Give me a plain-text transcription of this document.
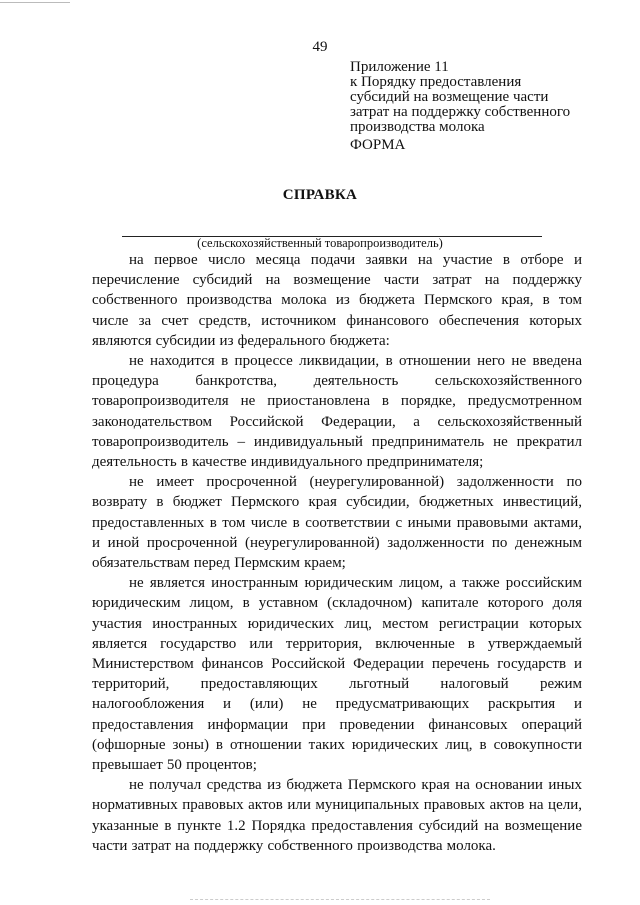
49
Приложение 11
к Порядку предоставления
субсидий на возмещение части
затрат на поддержку собственного
производства молока
ФОРМА
СПРАВКА
(сельскохозяйственный товаропроизводитель)

на первое число месяца подачи заявки на участие в отборе и перечисление субсидий на возмещение части затрат на поддержку собственного производства молока из бюджета Пермского края, в том числе за счет средств, источником финансового обеспечения которых являются субсидии из федерального бюджета:

не находится в процессе ликвидации, в отношении него не введена процедура банкротства, деятельность сельскохозяйственного товаропроизводителя не приостановлена в порядке, предусмотренном законодательством Российской Федерации, а сельскохозяйственный товаропроизводитель – индивидуальный предприниматель не прекратил деятельность в качестве индивидуального предпринимателя;

не имеет просроченной (неурегулированной) задолженности по возврату в бюджет Пермского края субсидии, бюджетных инвестиций, предоставленных в том числе в соответствии с иными правовыми актами, и иной просроченной (неурегулированной) задолженности по денежным обязательствам перед Пермским краем;

не является иностранным юридическим лицом, а также российским юридическим лицом, в уставном (складочном) капитале которого доля участия иностранных юридических лиц, местом регистрации которых является государство или территория, включенные в утверждаемый Министерством финансов Российской Федерации перечень государств и территорий, предоставляющих льготный налоговый режим налогообложения и (или) не предусматривающих раскрытия и предоставления информации при проведении финансовых операций (офшорные зоны) в отношении таких юридических лиц, в совокупности превышает 50 процентов;

не получал средства из бюджета Пермского края на основании иных нормативных правовых актов или муниципальных правовых актов на цели, указанные в пункте 1.2 Порядка предоставления субсидий на возмещение части затрат на поддержку собственного производства молока.
